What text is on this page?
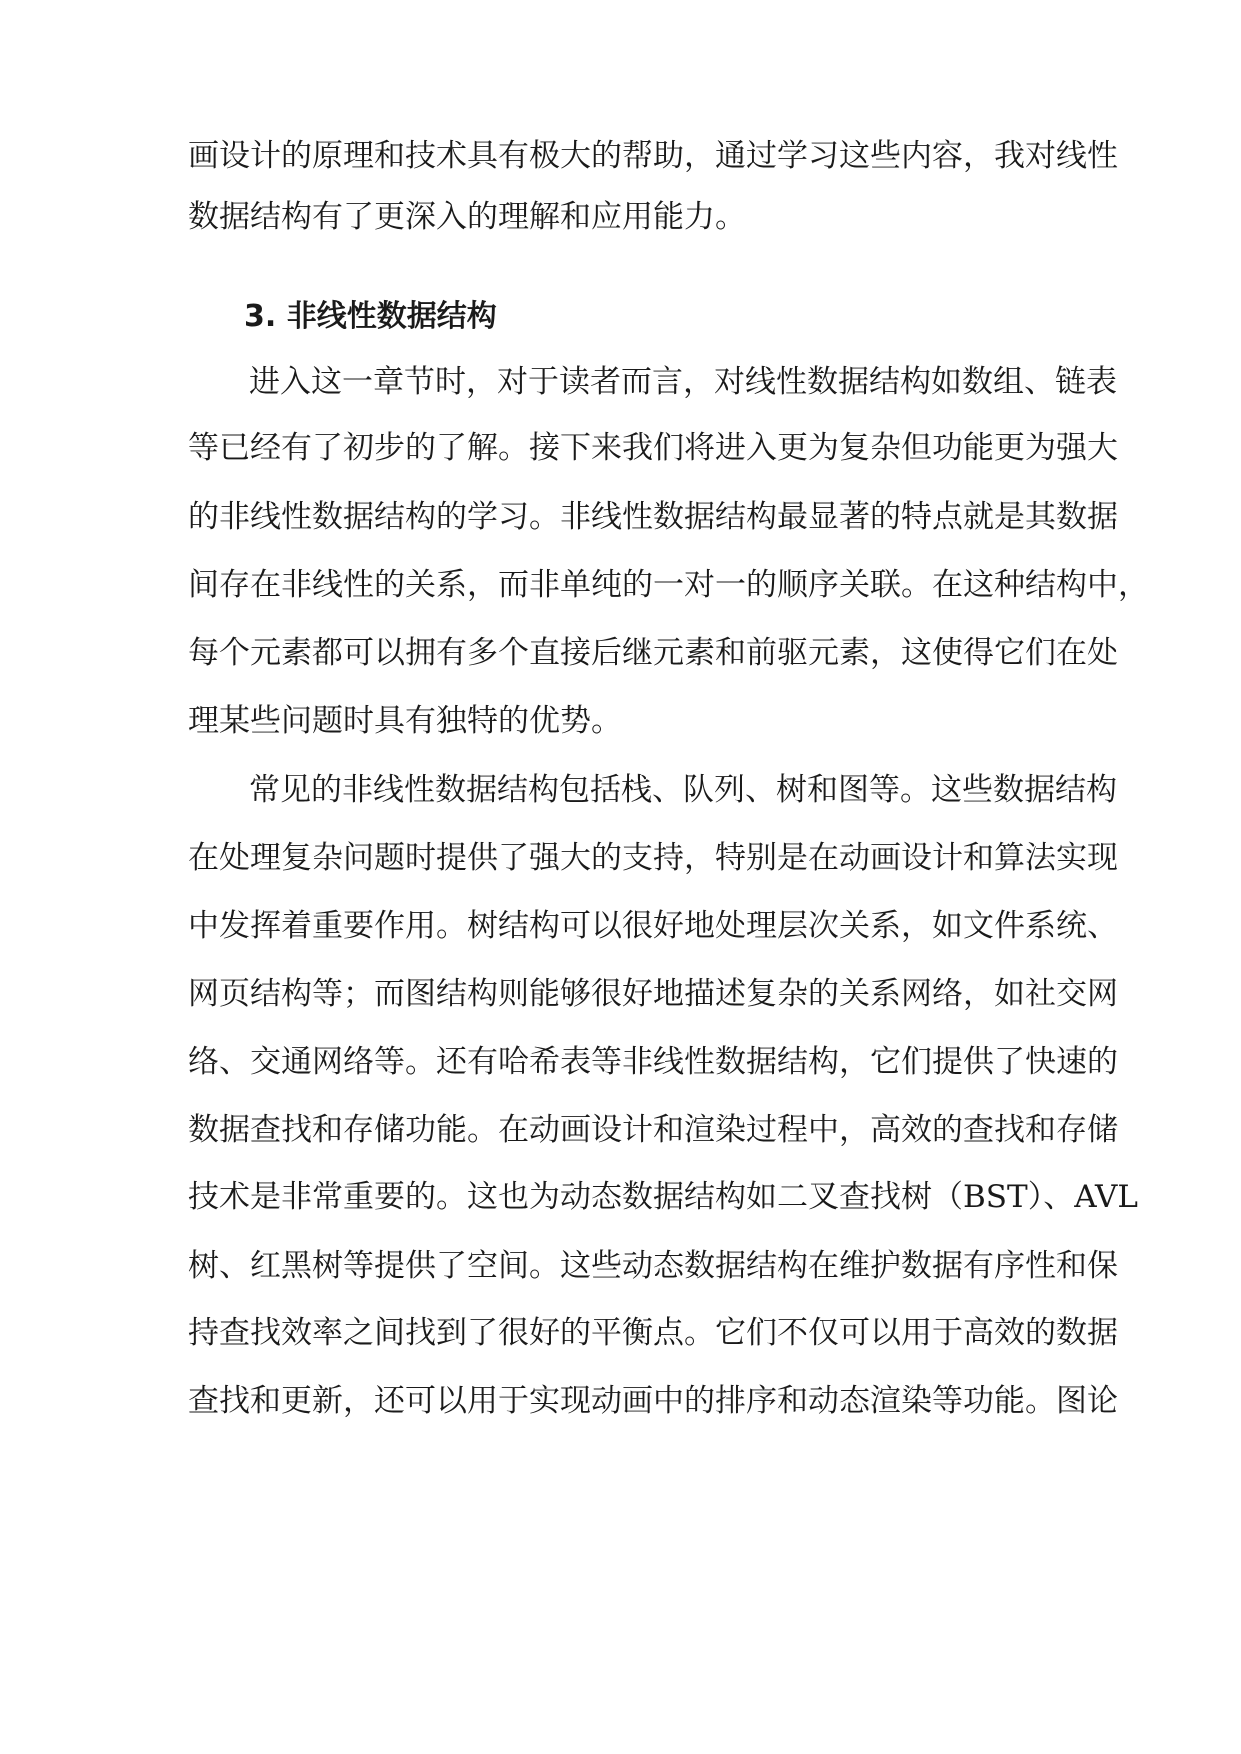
画设计的原理和技术具有极大的帮助，通过学习这些内容，我对线性
数据结构有了更深入的理解和应用能力。
3. 非线性数据结构
进入这一章节时，对于读者而言，对线性数据结构如数组、链表
等已经有了初步的了解。接下来我们将进入更为复杂但功能更为强大
的非线性数据结构的学习。非线性数据结构最显著的特点就是其数据
间存在非线性的关系，而非单纯的一对一的顺序关联。在这种结构中，
每个元素都可以拥有多个直接后继元素和前驱元素，这使得它们在处
理某些问题时具有独特的优势。
常见的非线性数据结构包括栈、队列、树和图等。这些数据结构
在处理复杂问题时提供了强大的支持，特别是在动画设计和算法实现
中发挥着重要作用。树结构可以很好地处理层次关系，如文件系统、
网页结构等；而图结构则能够很好地描述复杂的关系网络，如社交网
络、交通网络等。还有哈希表等非线性数据结构，它们提供了快速的
数据查找和存储功能。在动画设计和渲染过程中，高效的查找和存储
技术是非常重要的。这也为动态数据结构如二叉查找树（BST）、AVL
树、红黑树等提供了空间。这些动态数据结构在维护数据有序性和保
持查找效率之间找到了很好的平衡点。它们不仅可以用于高效的数据
查找和更新，还可以用于实现动画中的排序和动态渲染等功能。图论
